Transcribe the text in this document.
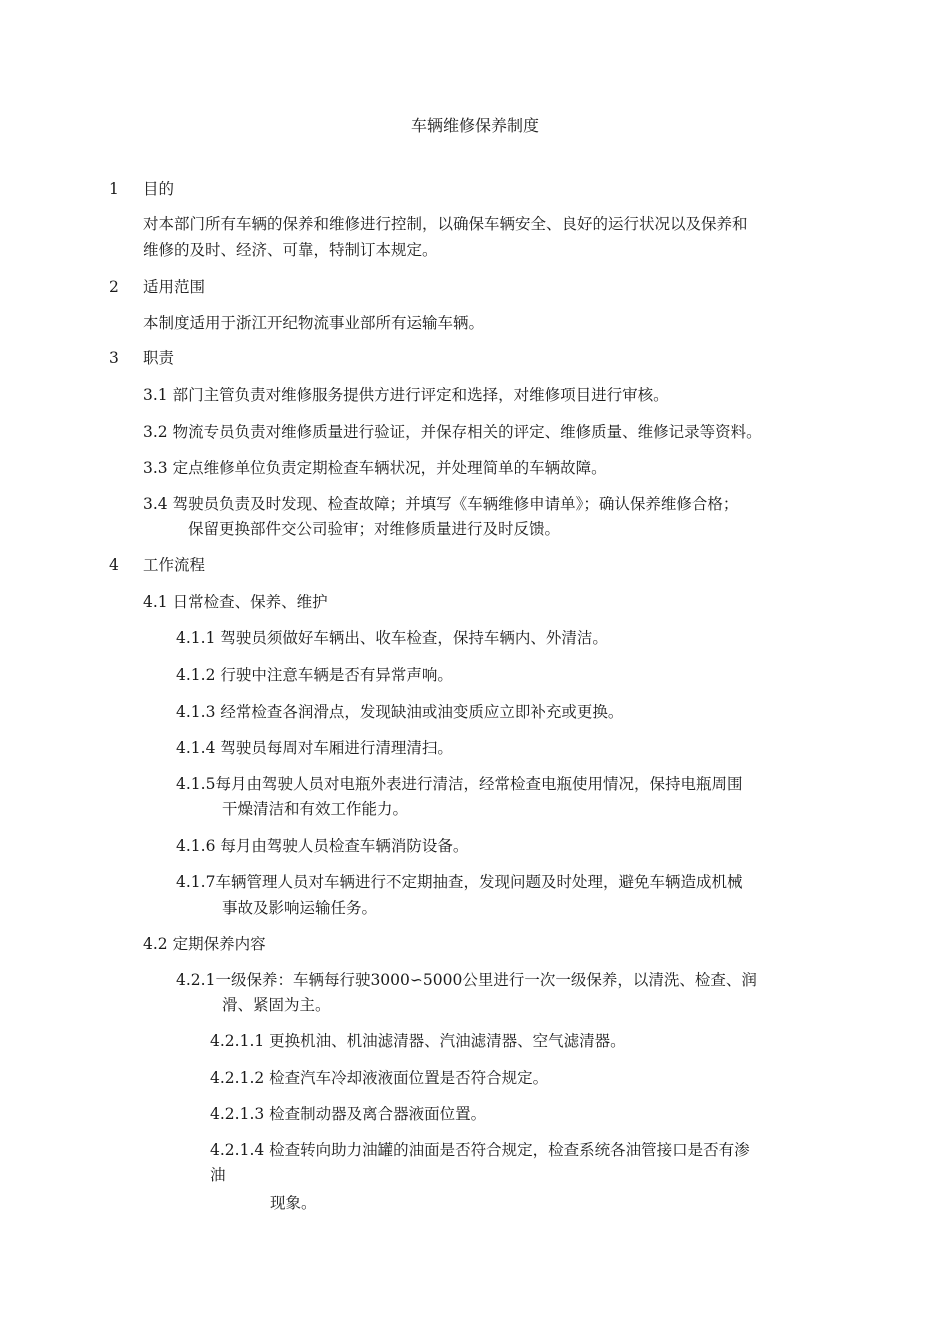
车辆维修保养制度
1 目的
对本部门所有车辆的保养和维修进行控制，以确保车辆安全、良好的运行状况以及保养和
维修的及时、经济、可靠，特制订本规定。
2 适用范围
本制度适用于浙江开纪物流事业部所有运输车辆。
3 职责
3.1 部门主管负责对维修服务提供方进行评定和选择，对维修项目进行审核。
3.2 物流专员负责对维修质量进行验证，并保存相关的评定、维修质量、维修记录等资料。
3.3 定点维修单位负责定期检查车辆状况，并处理简单的车辆故障。
3.4 驾驶员负责及时发现、检查故障；并填写《车辆维修申请单》；确认保养维修合格；
保留更换部件交公司验审；对维修质量进行及时反馈。
4 工作流程
4.1 日常检查、保养、维护
4.1.1 驾驶员须做好车辆出、收车检查，保持车辆内、外清洁。
4.1.2 行驶中注意车辆是否有异常声响。
4.1.3 经常检查各润滑点，发现缺油或油变质应立即补充或更换。
4.1.4 驾驶员每周对车厢进行清理清扫。
4.1.5每月由驾驶人员对电瓶外表进行清洁，经常检查电瓶使用情况，保持电瓶周围
干燥清洁和有效工作能力。
4.1.6 每月由驾驶人员检查车辆消防设备。
4.1.7车辆管理人员对车辆进行不定期抽查，发现问题及时处理，避免车辆造成机械
事故及影响运输任务。
4.2 定期保养内容
4.2.1一级保养：车辆每行驶3000∽5000公里进行一次一级保养，以清洗、检查、润
滑、紧固为主。
4.2.1.1 更换机油、机油滤清器、汽油滤清器、空气滤清器。
4.2.1.2 检查汽车冷却液液面位置是否符合规定。
4.2.1.3 检查制动器及离合器液面位置。
4.2.1.4 检查转向助力油罐的油面是否符合规定，检查系统各油管接口是否有渗
油
现象。
